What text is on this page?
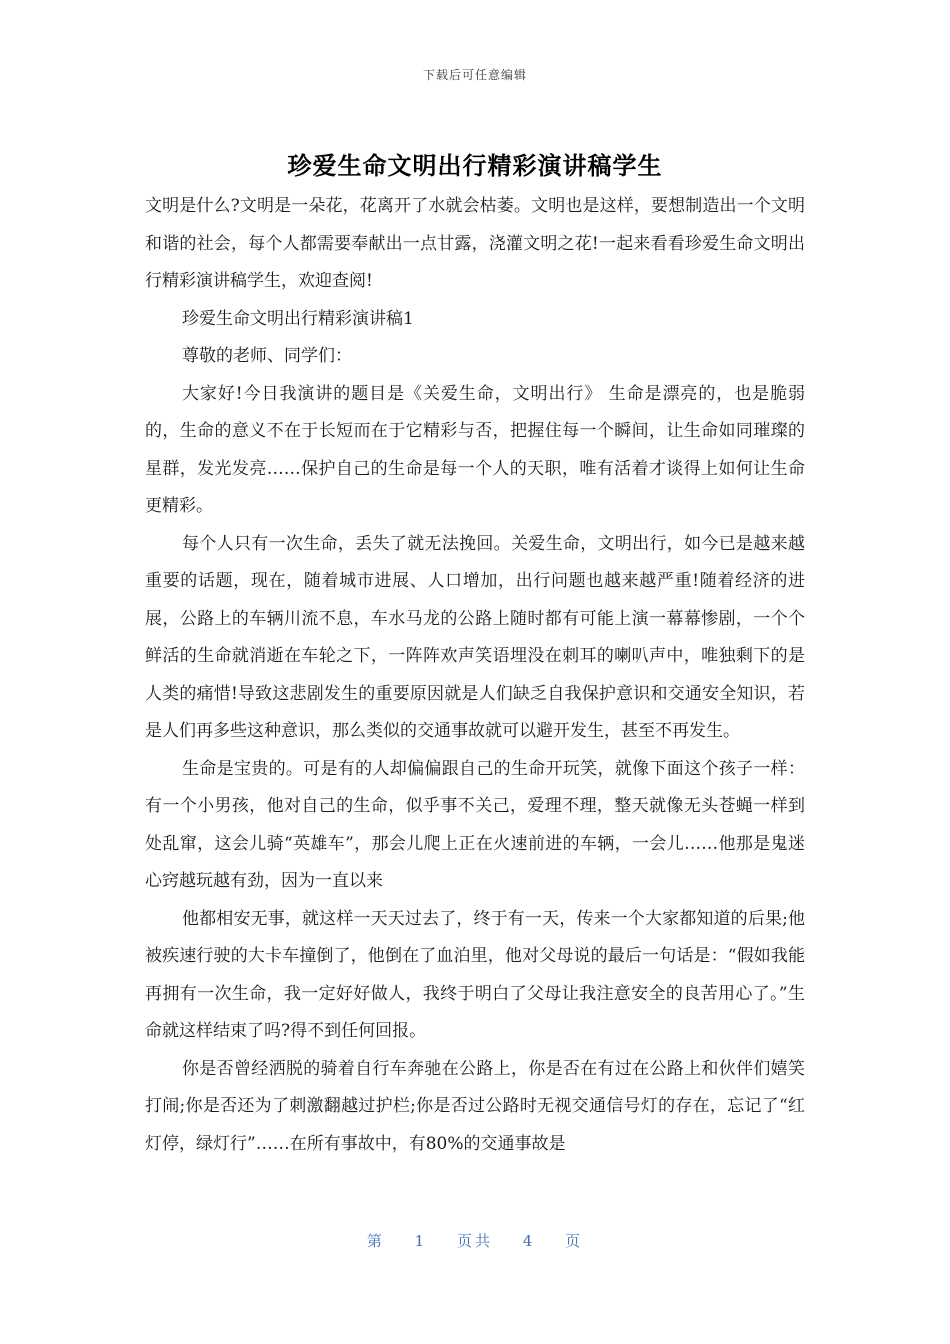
下载后可任意编辑
珍爱生命文明出行精彩演讲稿学生

文明是什么?文明是一朵花，花离开了水就会枯萎。文明也是这样，要想制造出一个文明和谐的社会，每个人都需要奉献出一点甘露，浇灌文明之花!一起来看看珍爱生命文明出行精彩演讲稿学生，欢迎查阅!

珍爱生命文明出行精彩演讲稿1

尊敬的老师、同学们：

大家好!今日我演讲的题目是《关爱生命，文明出行》 生命是漂亮的，也是脆弱的，生命的意义不在于长短而在于它精彩与否，把握住每一个瞬间，让生命如同璀璨的星群，发光发亮……保护自己的生命是每一个人的天职，唯有活着才谈得上如何让生命更精彩。

每个人只有一次生命，丢失了就无法挽回。关爱生命，文明出行，如今已是越来越重要的话题，现在，随着城市进展、人口增加，出行问题也越来越严重!随着经济的进展，公路上的车辆川流不息，车水马龙的公路上随时都有可能上演一幕幕惨剧，一个个鲜活的生命就消逝在车轮之下，一阵阵欢声笑语埋没在刺耳的喇叭声中，唯独剩下的是人类的痛惜!导致这悲剧发生的重要原因就是人们缺乏自我保护意识和交通安全知识，若是人们再多些这种意识，那么类似的交通事故就可以避开发生，甚至不再发生。

生命是宝贵的。可是有的人却偏偏跟自己的生命开玩笑，就像下面这个孩子一样：有一个小男孩，他对自己的生命，似乎事不关己，爱理不理，整天就像无头苍蝇一样到处乱窜，这会儿骑“英雄车”，那会儿爬上正在火速前进的车辆，一会儿……他那是鬼迷心窍越玩越有劲，因为一直以来

他都相安无事，就这样一天天过去了，终于有一天，传来一个大家都知道的后果;他被疾速行驶的大卡车撞倒了，他倒在了血泊里，他对父母说的最后一句话是：“假如我能再拥有一次生命，我一定好好做人，我终于明白了父母让我注意安全的良苦用心了。”生命就这样结束了吗?得不到任何回报。

你是否曾经洒脱的骑着自行车奔驰在公路上，你是否在有过在公路上和伙伴们嬉笑打闹;你是否还为了刺激翻越过护栏;你是否过公路时无视交通信号灯的存在，忘记了“红灯停，绿灯行”……在所有事故中，有80%的交通事故是

第 1 页共 4 页
